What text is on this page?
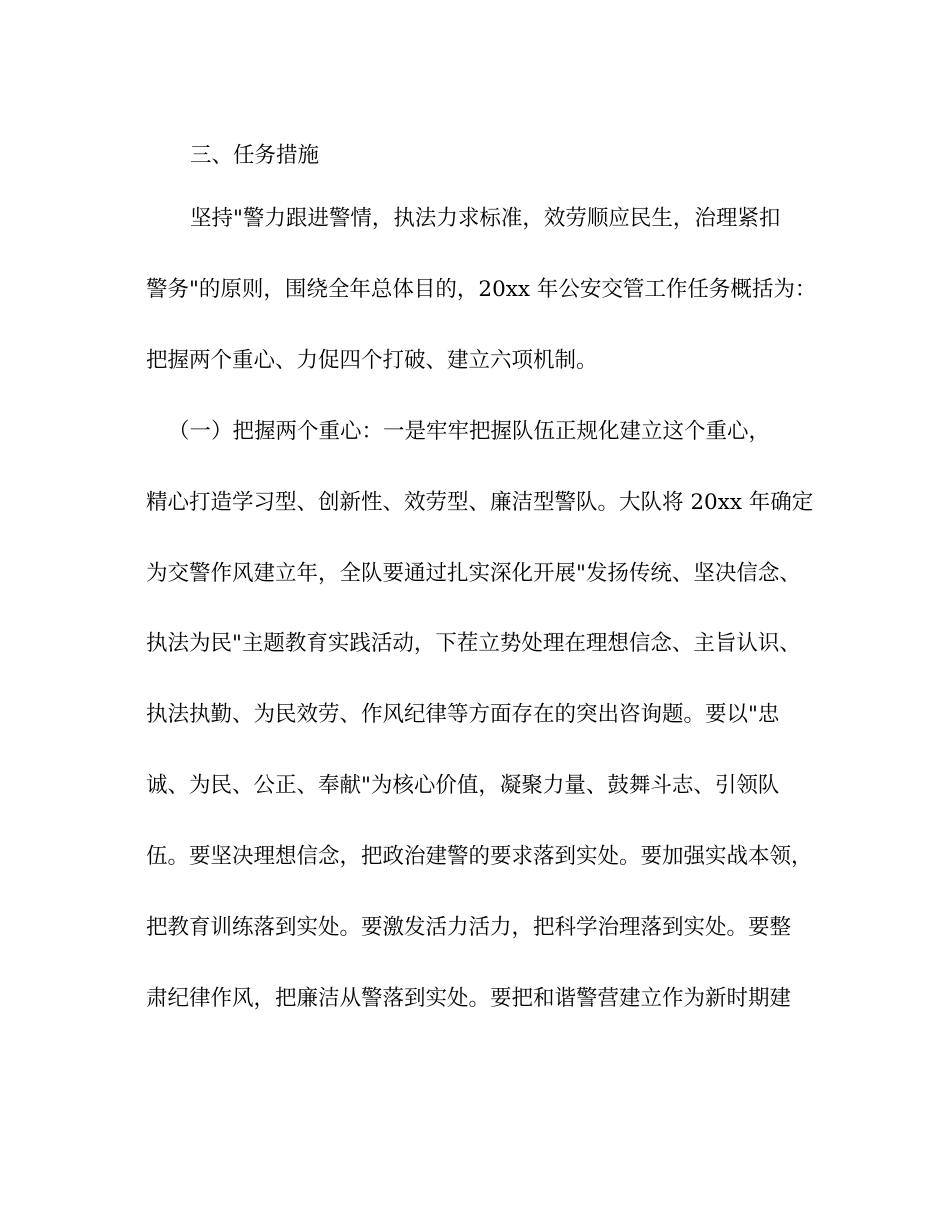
三、任务措施

坚持"警力跟进警情，执法力求标准，效劳顺应民生，治理紧扣

警务"的原则，围绕全年总体目的，20xx 年公安交管工作任务概括为：

把握两个重心、力促四个打破、建立六项机制。

（一）把握两个重心：一是牢牢把握队伍正规化建立这个重心，

精心打造学习型、创新性、效劳型、廉洁型警队。大队将 20xx 年确定

为交警作风建立年，全队要通过扎实深化开展"发扬传统、坚决信念、

执法为民"主题教育实践活动，下茬立势处理在理想信念、主旨认识、

执法执勤、为民效劳、作风纪律等方面存在的突出咨询题。要以"忠

诚、为民、公正、奉献"为核心价值，凝聚力量、鼓舞斗志、引领队

伍。要坚决理想信念，把政治建警的要求落到实处。要加强实战本领，

把教育训练落到实处。要激发活力活力，把科学治理落到实处。要整

肃纪律作风，把廉洁从警落到实处。要把和谐警营建立作为新时期建
